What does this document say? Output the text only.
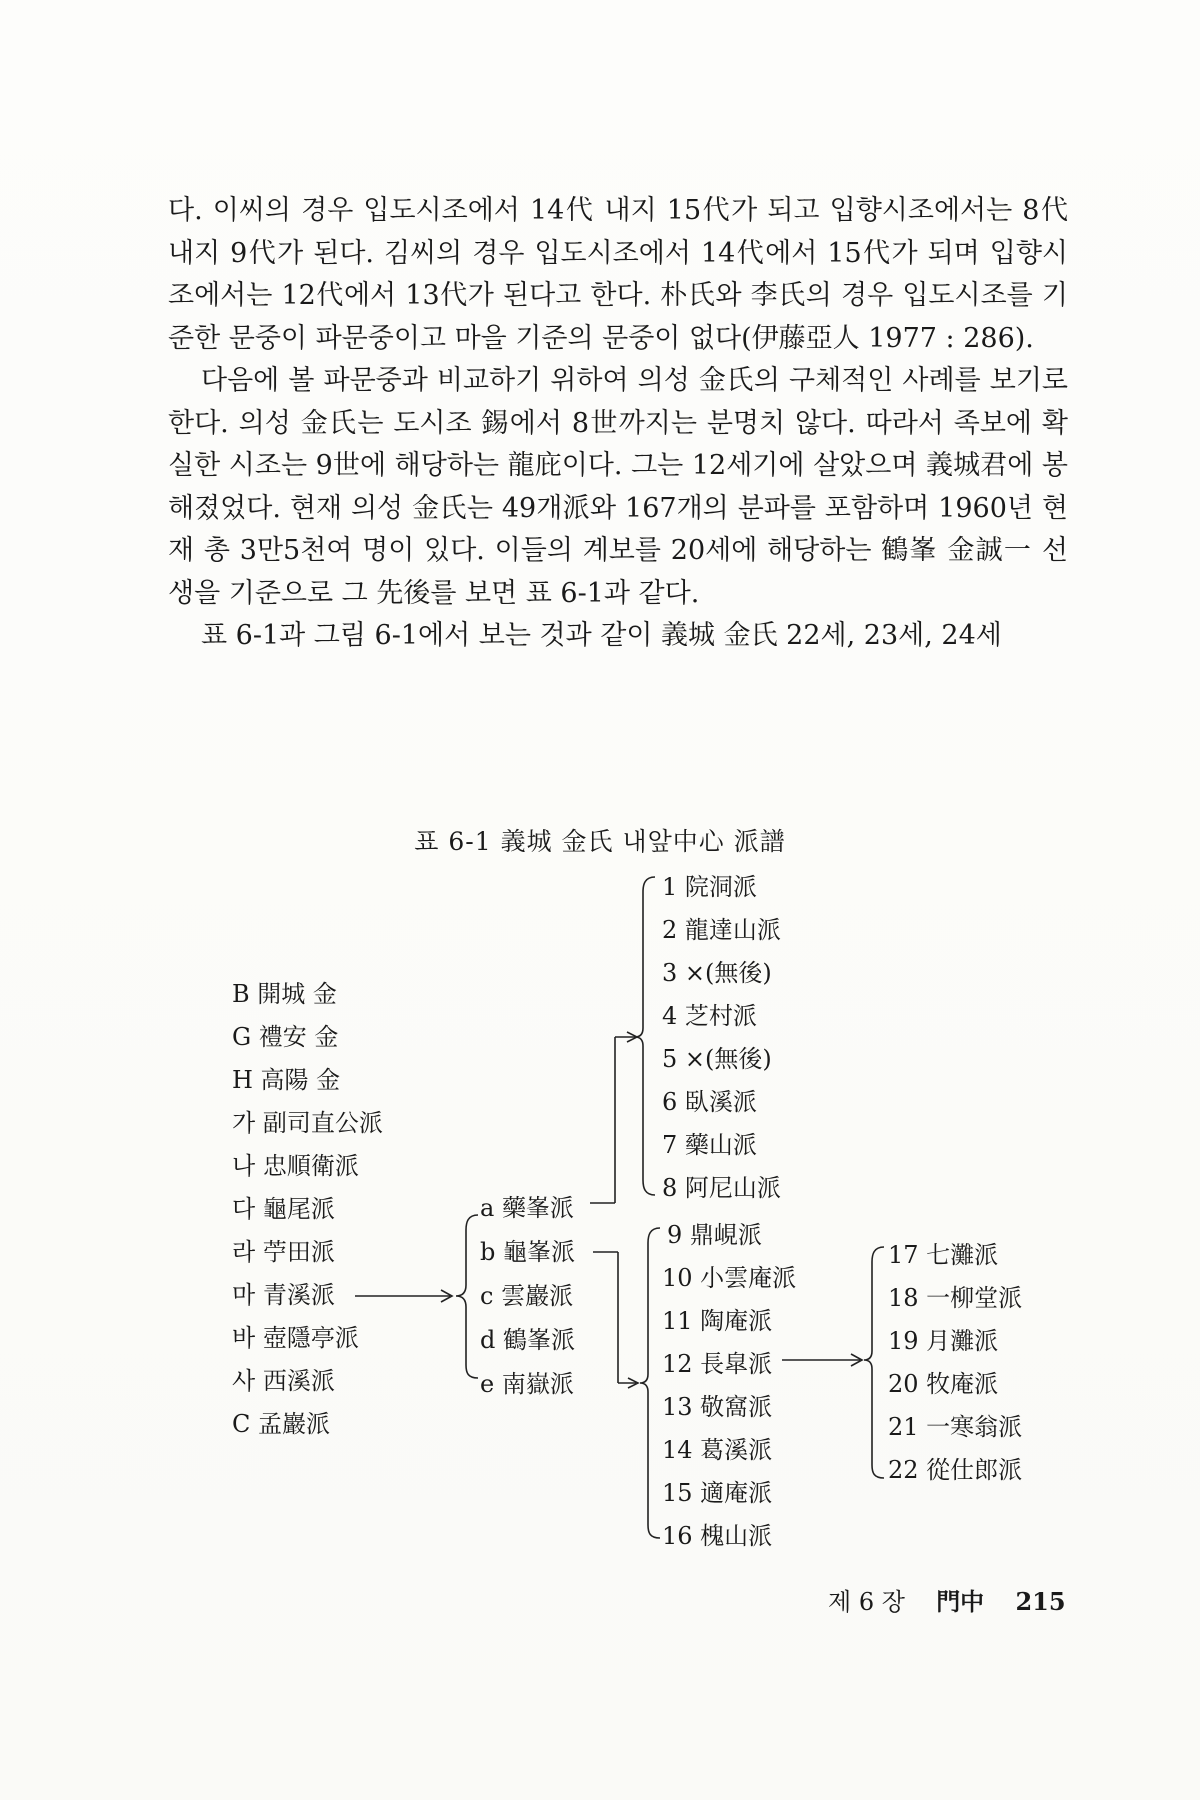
다. 이씨의 경우 입도시조에서 14代 내지 15代가 되고 입향시조에서는 8代 내지 9代가 된다. 김씨의 경우 입도시조에서 14代에서 15代가 되며 입향시조에서는 12代에서 13代가 된다고 한다. 朴氏와 李氏의 경우 입도시조를 기준한 문중이 파문중이고 마을 기준의 문중이 없다(伊藤亞人 1977 : 286).

다음에 볼 파문중과 비교하기 위하여 의성 金氏의 구체적인 사례를 보기로 한다. 의성 金氏는 도시조 錫에서 8世까지는 분명치 않다. 따라서 족보에 확실한 시조는 9世에 해당하는 龍庇이다. 그는 12세기에 살았으며 義城君에 봉해졌었다. 현재 의성 金氏는 49개派와 167개의 분파를 포함하며 1960년 현재 총 3만5천여 명이 있다. 이들의 계보를 20세에 해당하는 鶴峯 金誠一 선생을 기준으로 그 先後를 보면 표 6-1과 같다.

표 6-1과 그림 6-1에서 보는 것과 같이 義城 金氏 22세, 23세, 24세

표 6-1 義城 金氏 내앞中心 派譜
B 開城 金
G 禮安 金
H 高陽 金
가 副司直公派
나 忠順衛派
다 龜尾派
라 苧田派
마 青溪派
바 壺隱亭派
사 西溪派
C 孟巖派
a 藥峯派
b 龜峯派
c 雲巖派
d 鶴峯派
e 南嶽派
1 院洞派
2 龍達山派
3 ×(無後)
4 芝村派
5 ×(無後)
6 臥溪派
7 藥山派
8 阿尼山派
9 鼎峴派
10 小雲庵派
11 陶庵派
12 長皐派
13 敬窩派
14 葛溪派
15 適庵派
16 槐山派
17 七灘派
18 一柳堂派
19 月灘派
20 牧庵派
21 一寒翁派
22 從仕郎派
제 6 장 門中 215
